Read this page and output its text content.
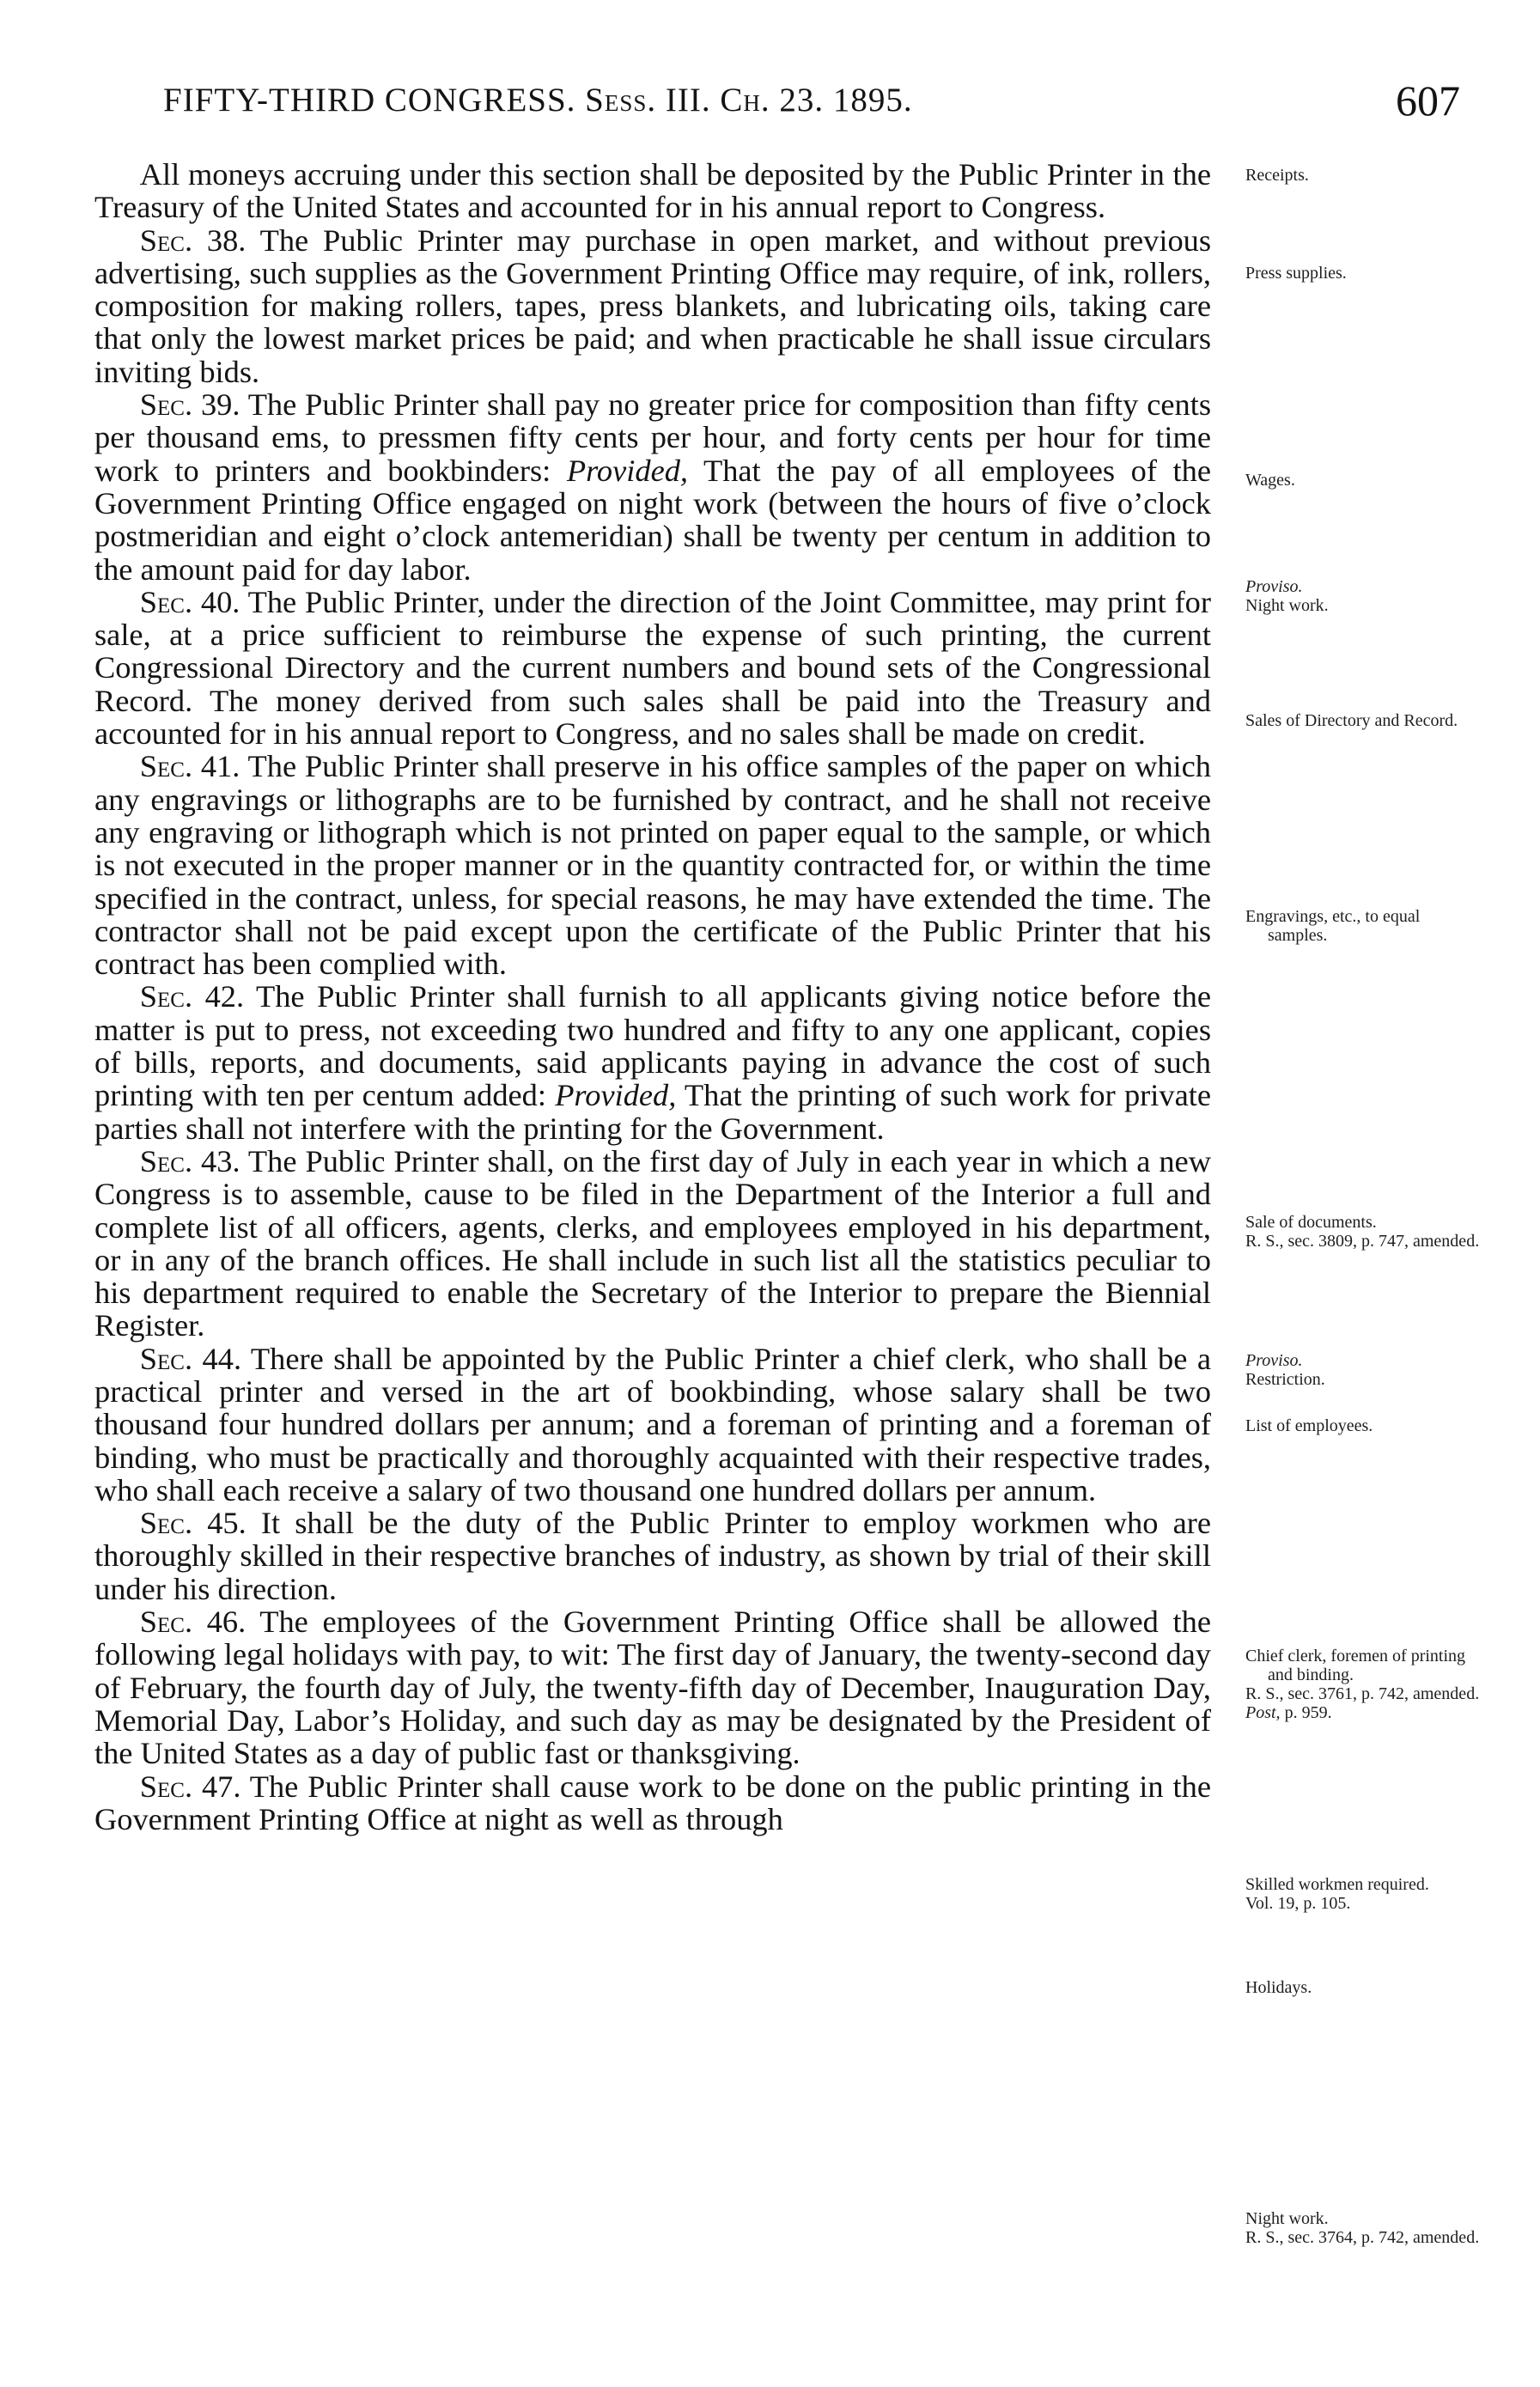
FIFTY-THIRD CONGRESS. Sess. III. Ch. 23. 1895.	607

All moneys accruing under this section shall be deposited by the Public Printer in the Treasury of the United States and accounted for in his annual report to Congress.

Sec. 38. The Public Printer may purchase in open market, and without previous advertising, such supplies as the Government Printing Office may require, of ink, rollers, composition for making rollers, tapes, press blankets, and lubricating oils, taking care that only the lowest market prices be paid; and when practicable he shall issue circulars inviting bids.

Sec. 39. The Public Printer shall pay no greater price for composition than fifty cents per thousand ems, to pressmen fifty cents per hour, and forty cents per hour for time work to printers and bookbinders: Provided, That the pay of all employees of the Government Printing Office engaged on night work (between the hours of five o’clock postmeridian and eight o’clock antemeridian) shall be twenty per centum in addition to the amount paid for day labor.

Sec. 40. The Public Printer, under the direction of the Joint Committee, may print for sale, at a price sufficient to reimburse the expense of such printing, the current Congressional Directory and the current numbers and bound sets of the Congressional Record. The money derived from such sales shall be paid into the Treasury and accounted for in his annual report to Congress, and no sales shall be made on credit.

Sec. 41. The Public Printer shall preserve in his office samples of the paper on which any engravings or lithographs are to be furnished by contract, and he shall not receive any engraving or lithograph which is not printed on paper equal to the sample, or which is not executed in the proper manner or in the quantity contracted for, or within the time specified in the contract, unless, for special reasons, he may have extended the time. The contractor shall not be paid except upon the certificate of the Public Printer that his contract has been complied with.

Sec. 42. The Public Printer shall furnish to all applicants giving notice before the matter is put to press, not exceeding two hundred and fifty to any one applicant, copies of bills, reports, and documents, said applicants paying in advance the cost of such printing with ten per centum added: Provided, That the printing of such work for private parties shall not interfere with the printing for the Government.

Sec. 43. The Public Printer shall, on the first day of July in each year in which a new Congress is to assemble, cause to be filed in the Department of the Interior a full and complete list of all officers, agents, clerks, and employees employed in his department, or in any of the branch offices. He shall include in such list all the statistics peculiar to his department required to enable the Secretary of the Interior to prepare the Biennial Register.

Sec. 44. There shall be appointed by the Public Printer a chief clerk, who shall be a practical printer and versed in the art of bookbinding, whose salary shall be two thousand four hundred dollars per annum; and a foreman of printing and a foreman of binding, who must be practically and thoroughly acquainted with their respective trades, who shall each receive a salary of two thousand one hundred dollars per annum.

Sec. 45. It shall be the duty of the Public Printer to employ workmen who are thoroughly skilled in their respective branches of industry, as shown by trial of their skill under his direction.

Sec. 46. The employees of the Government Printing Office shall be allowed the following legal holidays with pay, to wit: The first day of January, the twenty-second day of February, the fourth day of July, the twenty-fifth day of December, Inauguration Day, Memorial Day, Labor’s Holiday, and such day as may be designated by the President of the United States as a day of public fast or thanksgiving.

Sec. 47. The Public Printer shall cause work to be done on the public printing in the Government Printing Office at night as well as through

Receipts.
Press supplies.
Wages.
Proviso.
Night work.
Sales of Directory and Record.
Engravings, etc., to equal samples.
Sale of documents.
R. S., sec. 3809, p. 747, amended.
Proviso.
Restriction.
List of employees.
Chief clerk, foremen of printing and binding.
R. S., sec. 3761, p. 742, amended.
Post, p. 959.
Skilled workmen required.
Vol. 19, p. 105.
Holidays.
Night work.
R. S., sec. 3764, p. 742, amended.
